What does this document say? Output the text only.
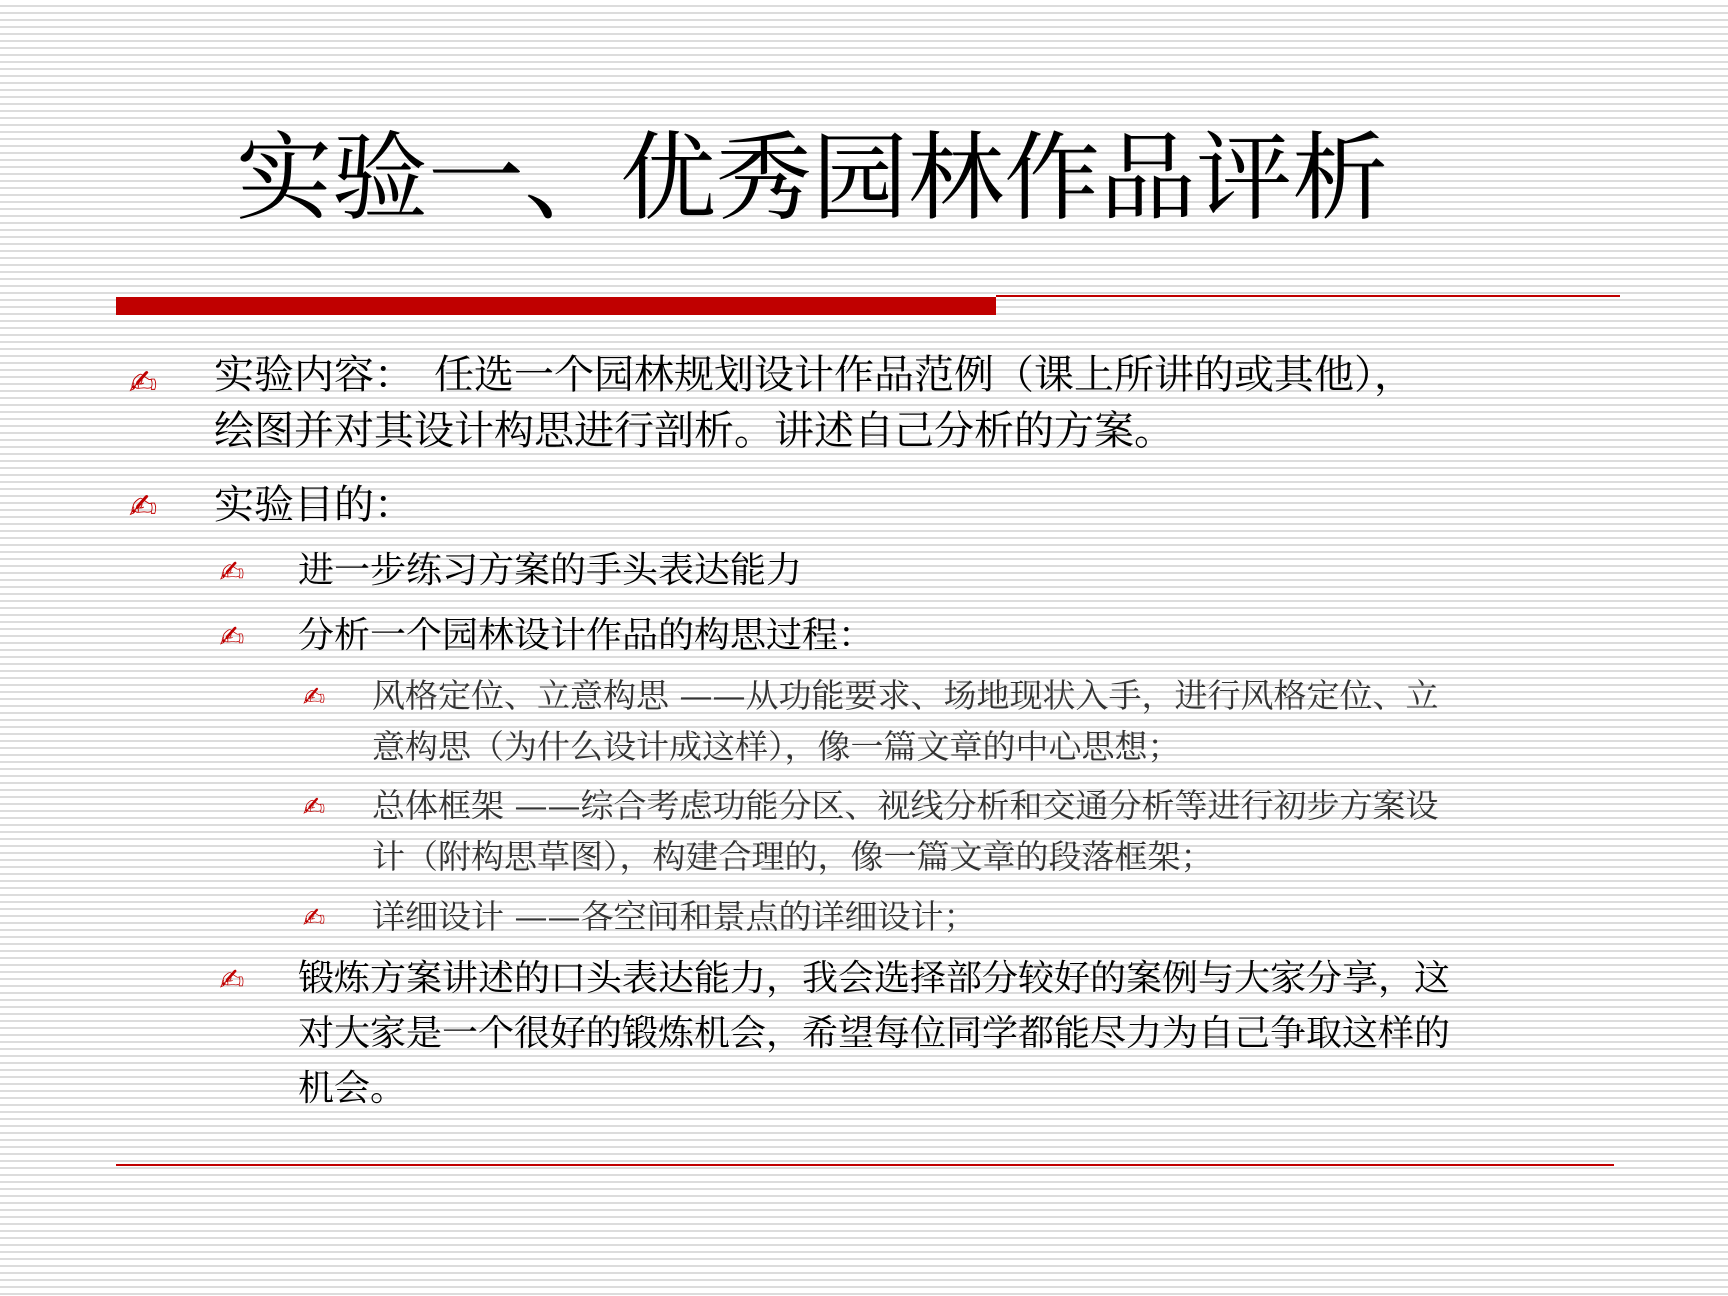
实验一、优秀园林作品评析
✍ 实验内容：　任选一个园林规划设计作品范例（课上所讲的或其他），
绘图并对其设计构思进行剖析。讲述自己分析的方案。
✍ 实验目的：
✍ 进一步练习方案的手头表达能力
✍ 分析一个园林设计作品的构思过程：
✍ 风格定位、立意构思 ——从功能要求、场地现状入手，进行风格定位、立
意构思（为什么设计成这样），像一篇文章的中心思想；
✍ 总体框架 ——综合考虑功能分区、视线分析和交通分析等进行初步方案设
计（附构思草图），构建合理的，像一篇文章的段落框架；
✍ 详细设计 ——各空间和景点的详细设计；
✍ 锻炼方案讲述的口头表达能力，我会选择部分较好的案例与大家分享，这
对大家是一个很好的锻炼机会，希望每位同学都能尽力为自己争取这样的
机会。
